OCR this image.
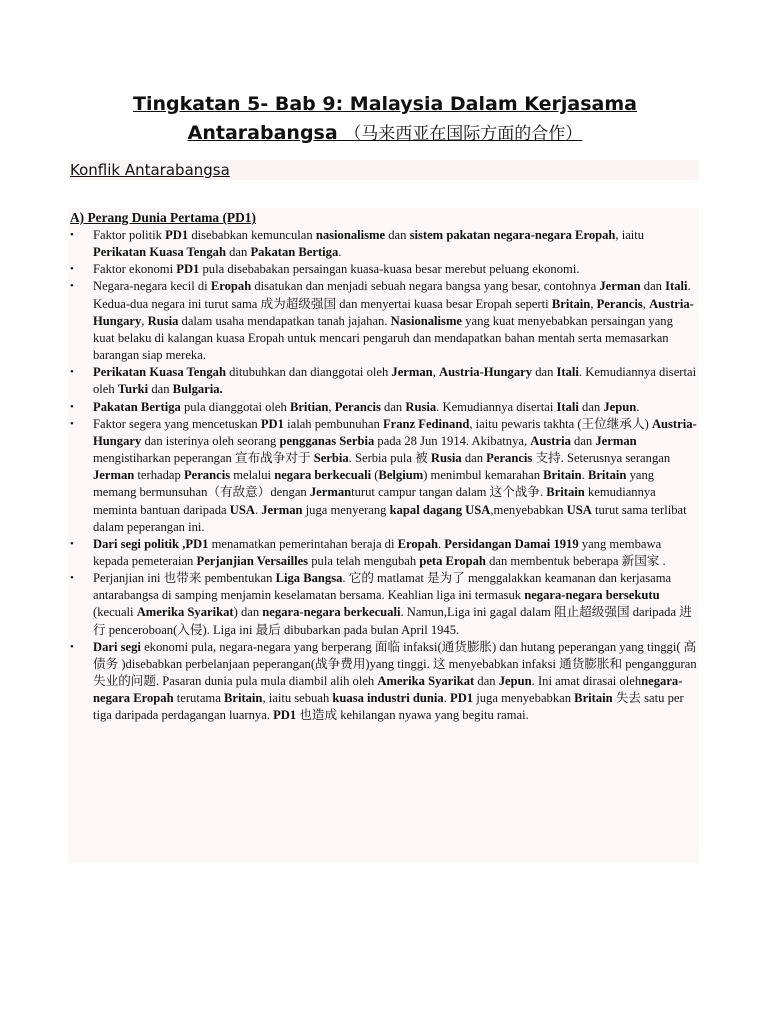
Tingkatan 5- Bab 9: Malaysia Dalam Kerjasama
Antarabangsa （马来西亚在国际方面的合作）
Konflik Antarabangsa
A) Perang Dunia Pertama (PD1)
• Faktor politik PD1 disebabkan kemunculan nasionalisme dan sistem pakatan negara-negara Eropah, iaitu Perikatan Kuasa Tengah dan Pakatan Bertiga.
• Faktor ekonomi PD1 pula disebabakan persaingan kuasa-kuasa besar merebut peluang ekonomi.
• Negara-negara kecil di Eropah disatukan dan menjadi sebuah negara bangsa yang besar, contohnya Jerman dan Itali. Kedua-dua negara ini turut sama 成为超级强国 dan menyertai kuasa besar Eropah seperti Britain, Perancis, Austria-Hungary, Rusia dalam usaha mendapatkan tanah jajahan. Nasionalisme yang kuat menyebabkan persaingan yang kuat belaku di kalangan kuasa Eropah untuk mencari pengaruh dan mendapatkan bahan mentah serta memasarkan barangan siap mereka.
• Perikatan Kuasa Tengah ditubuhkan dan dianggotai oleh Jerman, Austria-Hungary dan Itali. Kemudiannya disertai oleh Turki dan Bulgaria.
• Pakatan Bertiga pula dianggotai oleh Britian, Perancis dan Rusia. Kemudiannya disertai Itali dan Jepun.
• Faktor segera yang mencetuskan PD1 ialah pembunuhan Franz Fedinand, iaitu pewaris takhta (王位继承人) Austria-Hungary dan isterinya oleh seorang pengganas Serbia pada 28 Jun 1914. Akibatnya, Austria dan Jerman mengistiharkan peperangan 宣布战争对于 Serbia. Serbia pula 被 Rusia dan Perancis 支持. Seterusnya serangan Jerman terhadap Perancis melalui negara berkecuali (Belgium) menimbul kemarahan Britain. Britain yang memang bermunsuhan（有敌意）dengan Jermanturut campur tangan dalam 这个战争. Britain kemudiannya meminta bantuan daripada USA. Jerman juga menyerang kapal dagang USA,menyebabkan USA turut sama terlibat dalam peperangan ini.
• Dari segi politik ,PD1 menamatkan pemerintahan beraja di Eropah. Persidangan Damai 1919 yang membawa kepada pemeteraian Perjanjian Versailles pula telah mengubah peta Eropah dan membentuk beberapa 新国家 .
• Perjanjian ini 也带来 pembentukan Liga Bangsa. 它的 matlamat 是为了 menggalakkan keamanan dan kerjasama antarabangsa di samping menjamin keselamatan bersama. Keahlian liga ini termasuk negara-negara bersekutu (kecuali Amerika Syarikat) dan negara-negara berkecuali. Namun,Liga ini gagal dalam 阻止超级强国 daripada 进行 penceroboan(入侵). Liga ini 最后 dibubarkan pada bulan April 1945.
• Dari segi ekonomi pula, negara-negara yang berperang 面临 infaksi(通货膨胀) dan hutang peperangan yang tinggi( 高债务 )disebabkan perbelanjaan peperangan(战争费用)yang tinggi. 这 menyebabkan infaksi 通货膨胀和 pengangguran 失业的问题. Pasaran dunia pula mula diambil alih oleh Amerika Syarikat dan Jepun. Ini amat dirasai olehnegara-negara Eropah terutama Britain, iaitu sebuah kuasa industri dunia. PD1 juga menyebabkan Britain 失去 satu per tiga daripada perdagangan luarnya. PD1 也造成 kehilangan nyawa yang begitu ramai.
